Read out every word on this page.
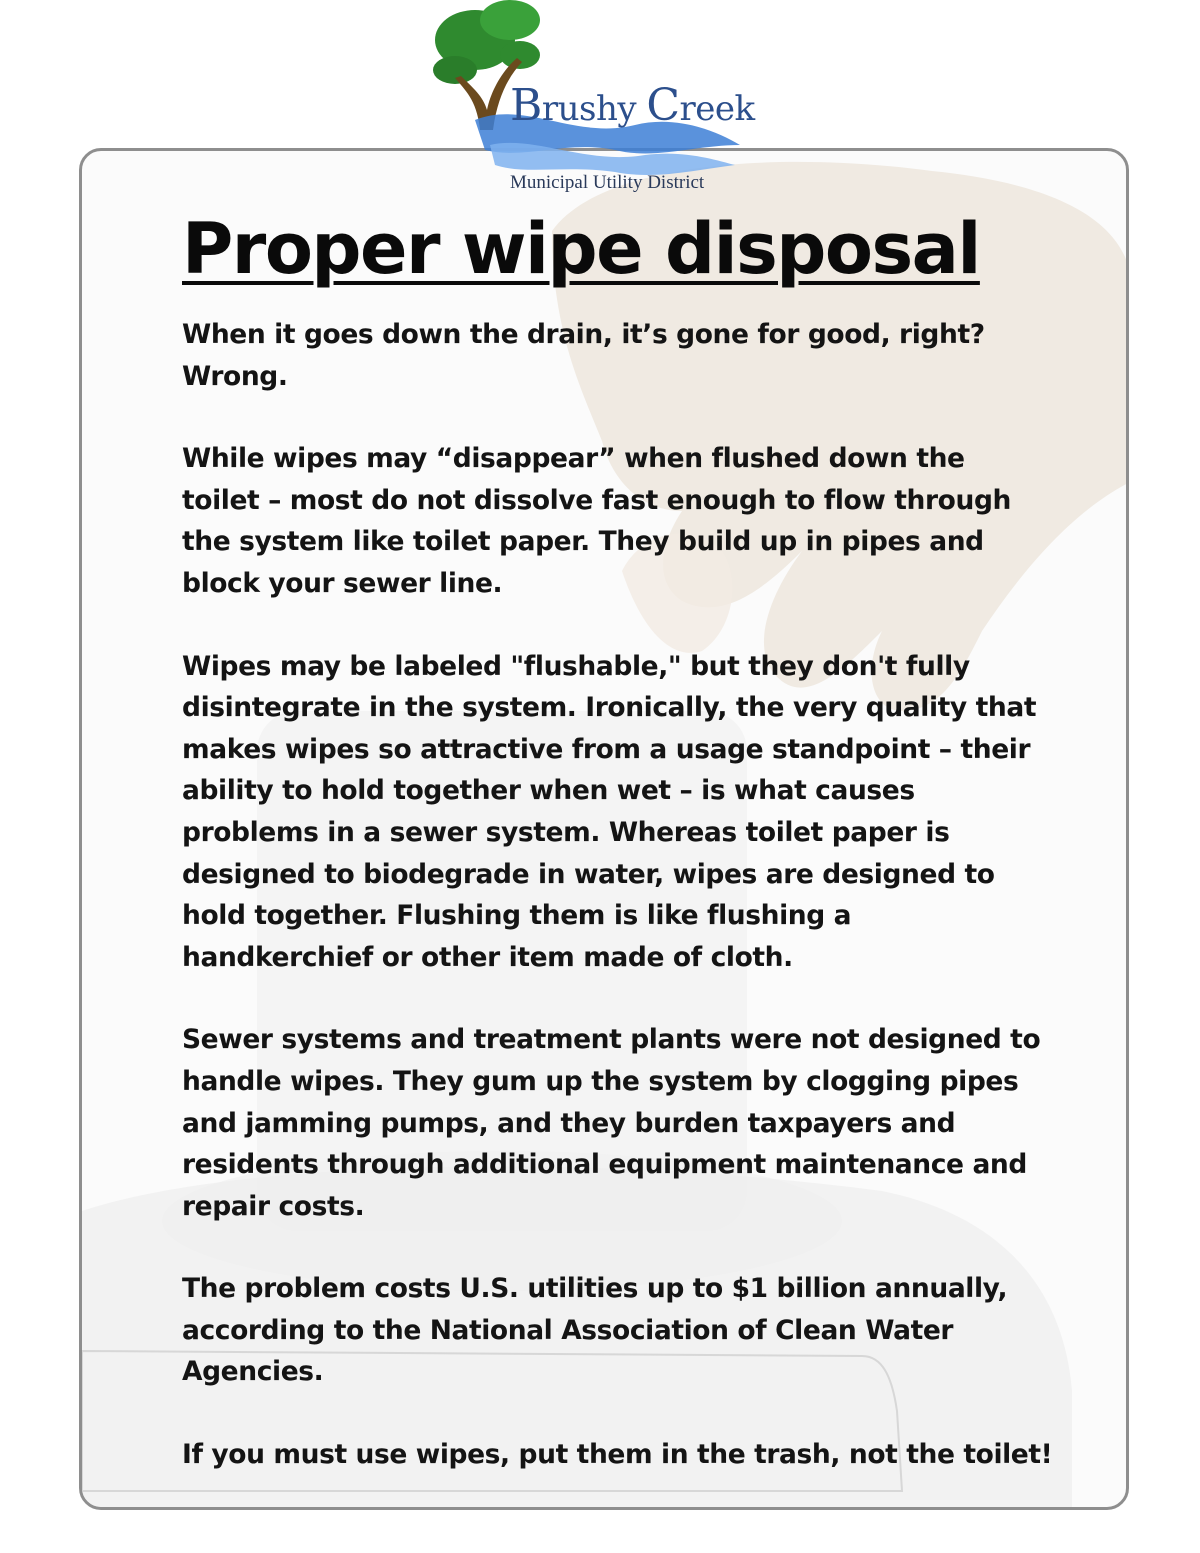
Brushy Creek
Municipal Utility District
Proper wipe disposal

When it goes down the drain, it’s gone for good, right?
Wrong.

While wipes may “disappear” when flushed down the
toilet – most do not dissolve fast enough to flow through
the system like toilet paper. They build up in pipes and
block your sewer line.

Wipes may be labeled "flushable," but they don't fully
disintegrate in the system. Ironically, the very quality that
makes wipes so attractive from a usage standpoint – their
ability to hold together when wet – is what causes
problems in a sewer system. Whereas toilet paper is
designed to biodegrade in water, wipes are designed to
hold together. Flushing them is like flushing a
handkerchief or other item made of cloth.

Sewer systems and treatment plants were not designed to
handle wipes. They gum up the system by clogging pipes
and jamming pumps, and they burden taxpayers and
residents through additional equipment maintenance and
repair costs.

The problem costs U.S. utilities up to $1 billion annually,
according to the National Association of Clean Water
Agencies.

If you must use wipes, put them in the trash, not the toilet!
